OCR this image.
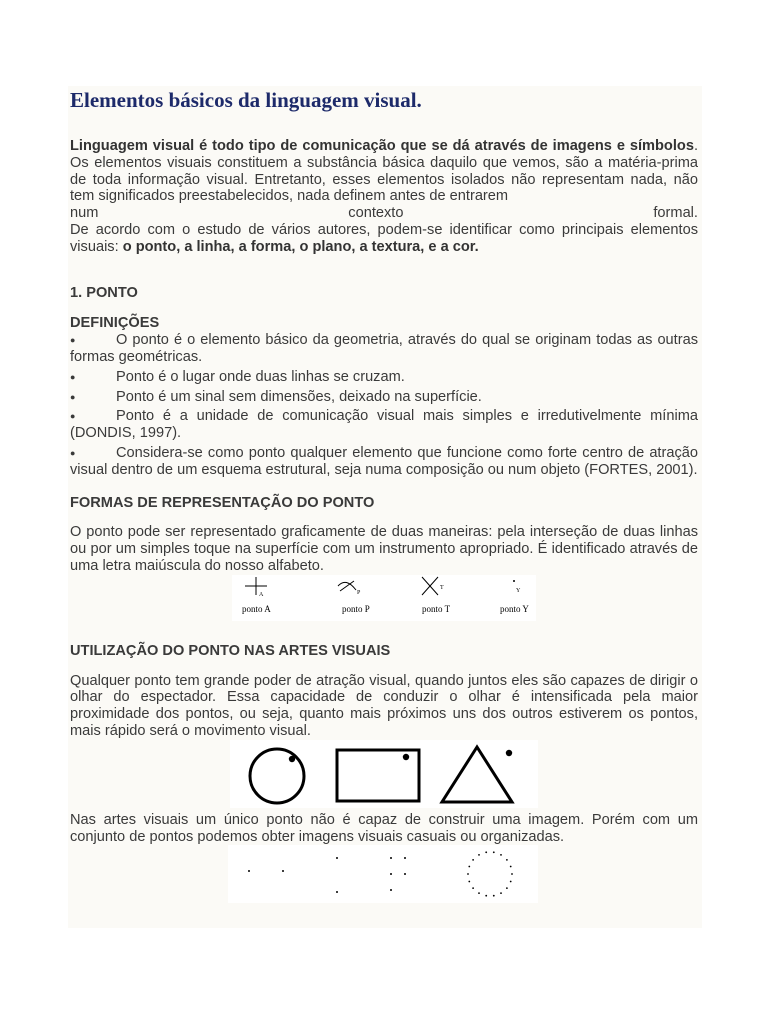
Elementos básicos da linguagem visual.

Linguagem visual é todo tipo de comunicação que se dá através de imagens e símbolos. Os elementos visuais constituem a substância básica daquilo que vemos, são a matéria-prima de toda informação visual. Entretanto, esses elementos isolados não representam nada, não tem significados preestabelecidos, nada definem antes de entrarem

num	contexto	formal.

De acordo com o estudo de vários autores, podem-se identificar como principais elementos visuais: o ponto, a linha, a forma, o plano, a textura, e a cor.

1. PONTO

DEFINIÇÕES

●	O ponto é o elemento básico da geometria, através do qual se originam todas as outras formas geométricas.
●	Ponto é o lugar onde duas linhas se cruzam.
●	Ponto é um sinal sem dimensões, deixado na superfície.
●	Ponto é a unidade de comunicação visual mais simples e irredutivelmente mínima (DONDIS, 1997).
●	Considera-se como ponto qualquer elemento que funcione como forte centro de atração visual dentro de um esquema estrutural, seja numa composição ou num objeto (FORTES, 2001).

FORMAS DE REPRESENTAÇÃO DO PONTO

O ponto pode ser representado graficamente de duas maneiras: pela interseção de duas linhas ou por um simples toque na superfície com um instrumento apropriado. É identificado através de uma letra maiúscula do nosso alfabeto.

A
ponto A
P
ponto P
T
ponto T
Y
ponto Y

UTILIZAÇÃO DO PONTO NAS ARTES VISUAIS

Qualquer ponto tem grande poder de atração visual, quando juntos eles são capazes de dirigir o olhar do espectador. Essa capacidade de conduzir o olhar é intensificada pela maior proximidade dos pontos, ou seja, quanto mais próximos uns dos outros estiverem os pontos, mais rápido será o movimento visual.

Nas artes visuais um único ponto não é capaz de construir uma imagem. Porém com um conjunto de pontos podemos obter imagens visuais casuais ou organizadas.
